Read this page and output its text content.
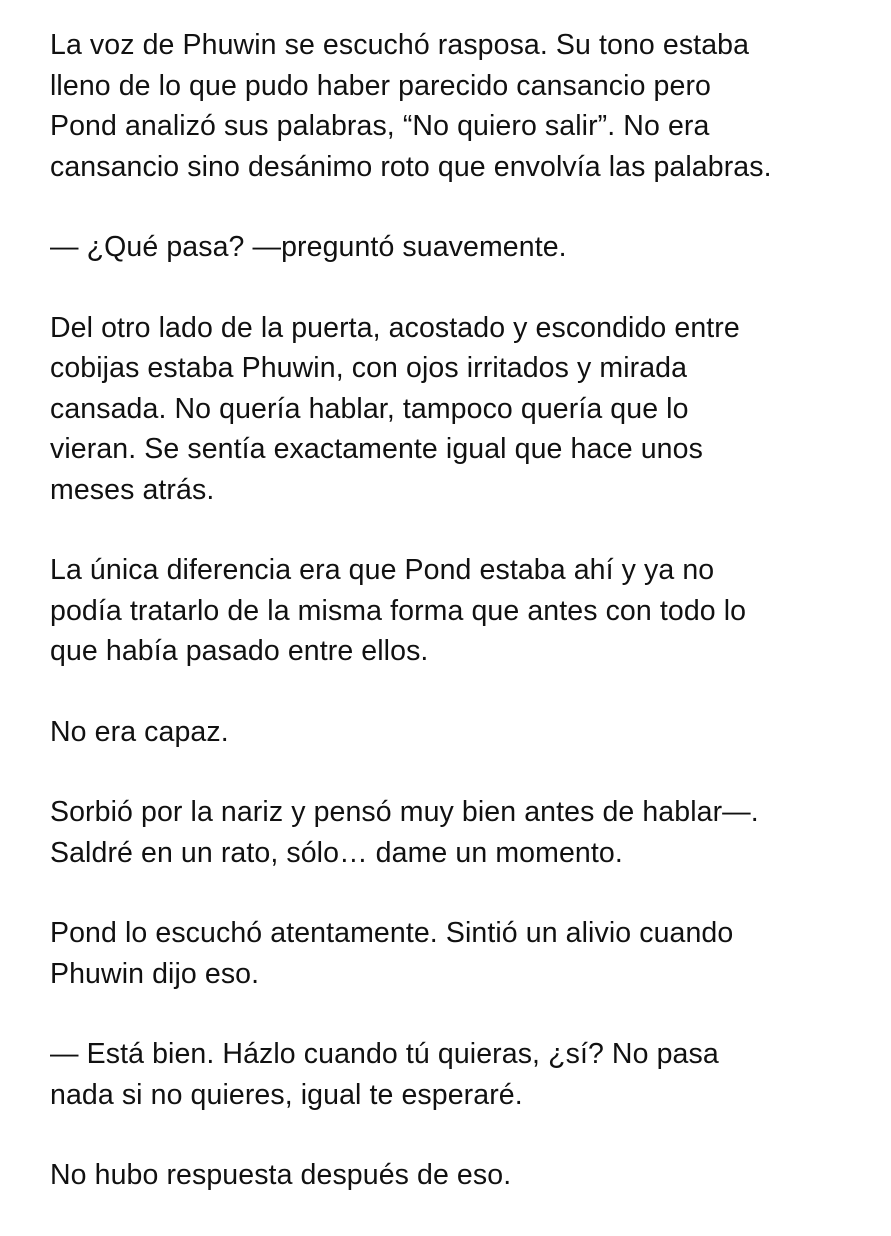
La voz de Phuwin se escuchó rasposa. Su tono estaba
lleno de lo que pudo haber parecido cansancio pero
Pond analizó sus palabras, “No quiero salir”. No era
cansancio sino desánimo roto que envolvía las palabras.

— ¿Qué pasa? —preguntó suavemente.

Del otro lado de la puerta, acostado y escondido entre
cobijas estaba Phuwin, con ojos irritados y mirada
cansada. No quería hablar, tampoco quería que lo
vieran. Se sentía exactamente igual que hace unos
meses atrás.

La única diferencia era que Pond estaba ahí y ya no
podía tratarlo de la misma forma que antes con todo lo
que había pasado entre ellos.

No era capaz.

Sorbió por la nariz y pensó muy bien antes de hablar—.
Saldré en un rato, sólo… dame un momento.

Pond lo escuchó atentamente. Sintió un alivio cuando
Phuwin dijo eso.

— Está bien. Házlo cuando tú quieras, ¿sí? No pasa
nada si no quieres, igual te esperaré.

No hubo respuesta después de eso.
